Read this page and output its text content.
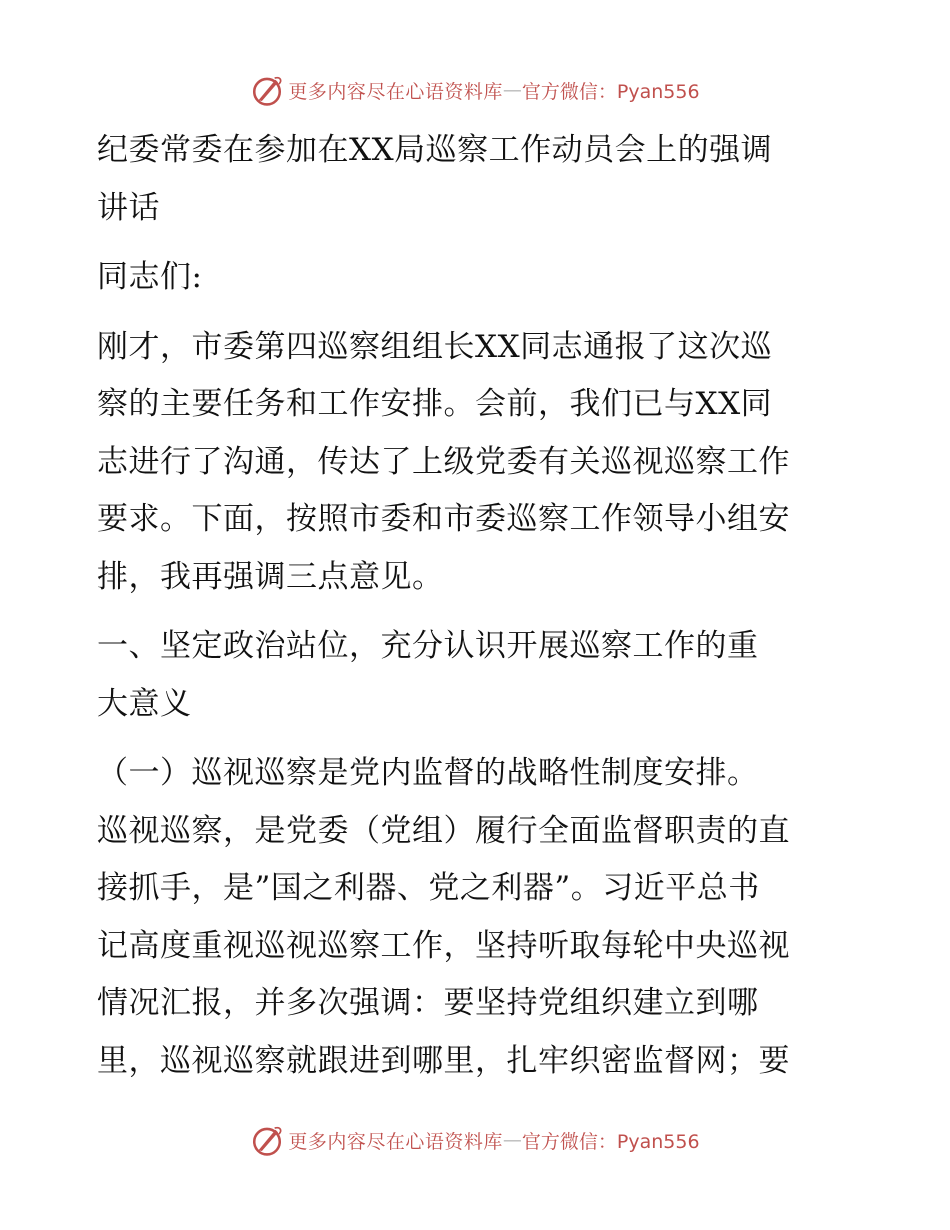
更多内容尽在心语资料库 — 官方微信：Pyan556

纪委常委在参加在XX局巡察工作动员会上的强调

讲话

同志们:

刚才，市委第四巡察组组长XX同志通报了这次巡

察的主要任务和工作安排。会前，我们已与XX同

志进行了沟通，传达了上级党委有关巡视巡察工作

要求。下面，按照市委和市委巡察工作领导小组安

排，我再强调三点意见。

一、坚定政治站位，充分认识开展巡察工作的重

大意义

（一）巡视巡察是党内监督的战略性制度安排。

巡视巡察，是党委（党组）履行全面监督职责的直

接抓手，是”国之利器、党之利器”。习近平总书

记高度重视巡视巡察工作，坚持听取每轮中央巡视

情况汇报，并多次强调：要坚持党组织建立到哪

里，巡视巡察就跟进到哪里，扎牢织密监督网；要

更多内容尽在心语资料库 — 官方微信：Pyan556
